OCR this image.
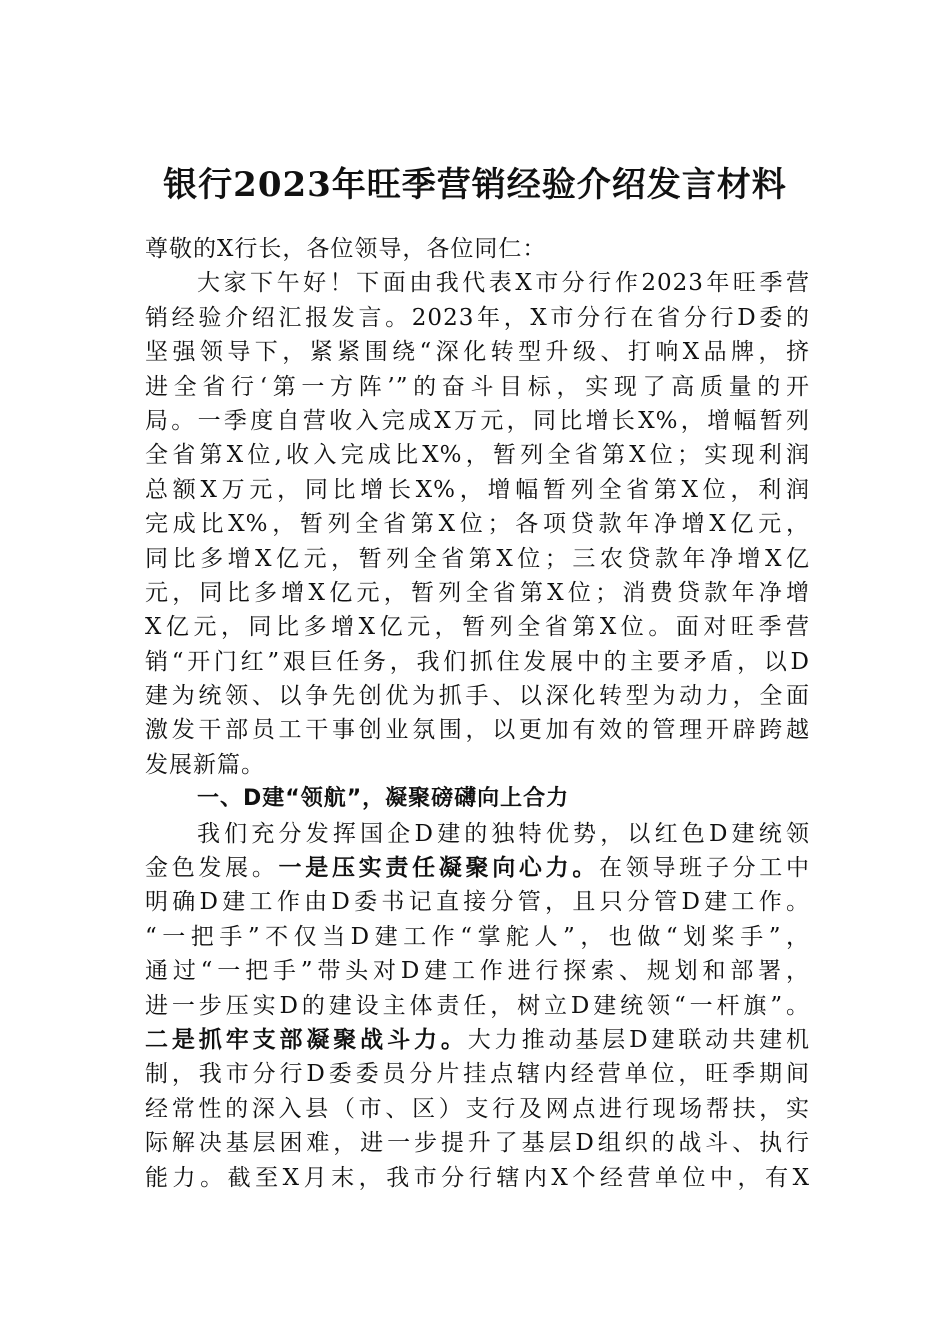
银行2023年旺季营销经验介绍发言材料
尊敬的X行长，各位领导，各位同仁：
大家下午好！下面由我代表X市分行作2023年旺季营
销经验介绍汇报发言。2023年，X市分行在省分行D委的
坚强领导下，紧紧围绕“深化转型升级、打响X品牌，挤
进全省行‘第一方阵’”的奋斗目标，实现了高质量的开
局。一季度自营收入完成X万元，同比增长X%，增幅暂列
全省第X位,收入完成比X%，暂列全省第X位；实现利润
总额X万元，同比增长X%，增幅暂列全省第X位，利润
完成比X%，暂列全省第X位；各项贷款年净增X亿元，
同比多增X亿元，暂列全省第X位；三农贷款年净增X亿
元，同比多增X亿元，暂列全省第X位；消费贷款年净增
X亿元，同比多增X亿元，暂列全省第X位。面对旺季营
销“开门红”艰巨任务，我们抓住发展中的主要矛盾，以D
建为统领、以争先创优为抓手、以深化转型为动力，全面
激发干部员工干事创业氛围，以更加有效的管理开辟跨越
发展新篇。
一、D建“领航”，凝聚磅礴向上合力
我们充分发挥国企D建的独特优势，以红色D建统领
金色发展。一是压实责任凝聚向心力。在领导班子分工中
明确D建工作由D委书记直接分管，且只分管D建工作。
“一把手”不仅当D建工作“掌舵人”，也做“划桨手”，
通过“一把手”带头对D建工作进行探索、规划和部署，
进一步压实D的建设主体责任，树立D建统领“一杆旗”。
二是抓牢支部凝聚战斗力。大力推动基层D建联动共建机
制，我市分行D委委员分片挂点辖内经营单位，旺季期间
经常性的深入县（市、区）支行及网点进行现场帮扶，实
际解决基层困难，进一步提升了基层D组织的战斗、执行
能力。截至X月末，我市分行辖内X个经营单位中，有X
